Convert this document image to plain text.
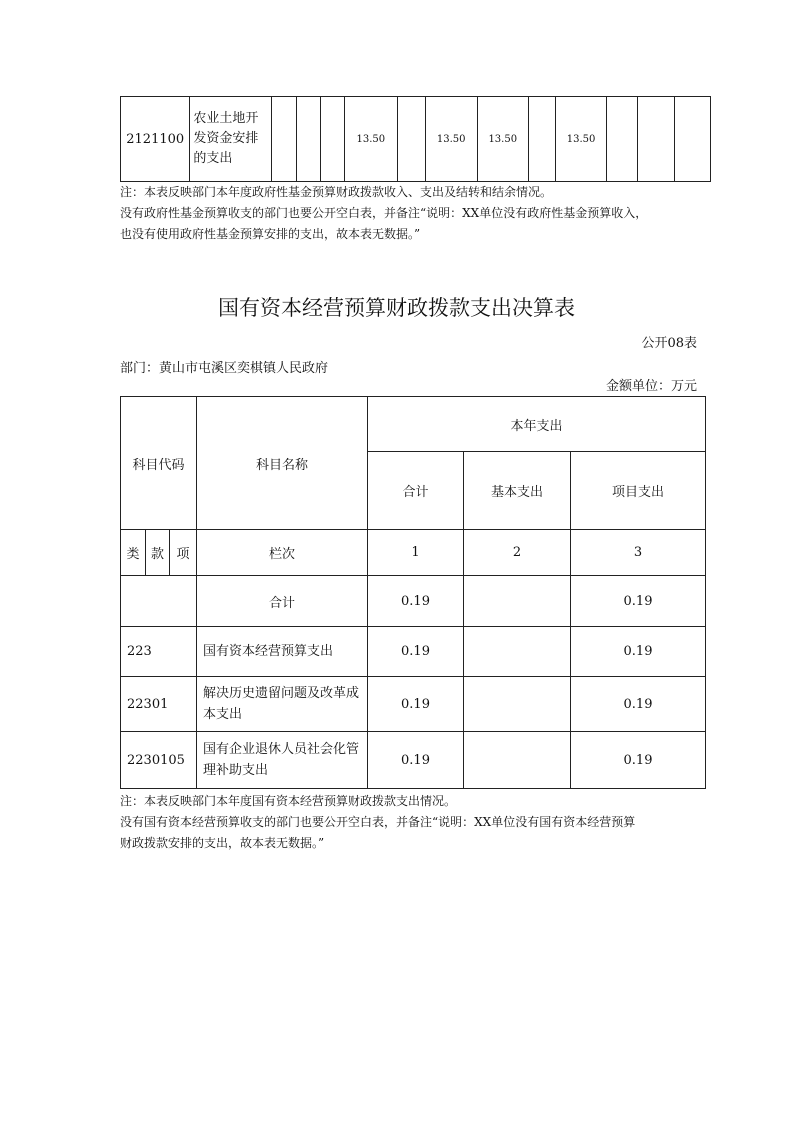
2121100	农业土地开发资金安排的支出				13.50		13.50	13.50		13.50			
注：本表反映部门本年度政府性基金预算财政拨款收入、支出及结转和结余情况。
没有政府性基金预算收支的部门也要公开空白表，并备注“说明：XX单位没有政府性基金预算收入，
也没有使用政府性基金预算安排的支出，故本表无数据。”
国有资本经营预算财政拨款支出决算表
公开08表
部门：黄山市屯溪区奕棋镇人民政府
金额单位：万元
科目代码			科目名称	本年支出		
				合计	基本支出	项目支出
类	款	项	栏次	1	2	3
			合计	0.19		0.19
223			国有资本经营预算支出	0.19		0.19
22301			解决历史遗留问题及改革成本支出	0.19		0.19
2230105			国有企业退休人员社会化管理补助支出	0.19		0.19
注：本表反映部门本年度国有资本经营预算财政拨款支出情况。
没有国有资本经营预算收支的部门也要公开空白表，并备注“说明：XX单位没有国有资本经营预算
财政拨款安排的支出，故本表无数据。”
